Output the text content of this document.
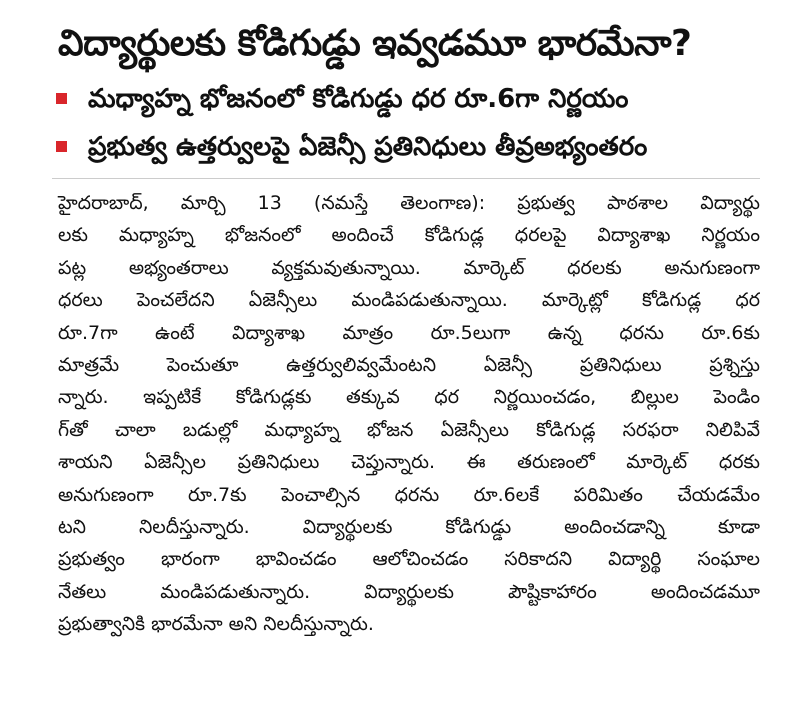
విద్యార్థులకు కోడిగుడ్డు ఇవ్వడమూ భారమేనా?
మధ్యాహ్న భోజనంలో కోడిగుడ్డు ధర రూ.6గా నిర్ణయం
ప్రభుత్వ ఉత్తర్వులపై ఏజెన్సీ ప్రతినిధులు తీవ్రఅభ్యంతరం
హైదరాబాద్, మార్చి 13 (నమస్తే తెలంగాణ): ప్రభుత్వ పాఠశాల విద్యార్థు
లకు మధ్యాహ్న భోజనంలో అందించే కోడిగుడ్ల ధరలపై విద్యాశాఖ నిర్ణయం
పట్ల అభ్యంతరాలు వ్యక్తమవుతున్నాయి. మార్కెట్ ధరలకు అనుగుణంగా
ధరలు పెంచలేదని ఏజెన్సీలు మండిపడుతున్నాయి. మార్కెట్లో కోడిగుడ్ల ధర
రూ.7గా ఉంటే విద్యాశాఖ మాత్రం రూ.5లుగా ఉన్న ధరను రూ.6కు
మాత్రమే పెంచుతూ ఉత్తర్వులివ్వమేంటని ఏజెన్సీ ప్రతినిధులు ప్రశ్నిస్తు
న్నారు. ఇప్పటికే కోడిగుడ్లకు తక్కువ ధర నిర్ణయించడం, బిల్లుల పెండిం
గ్‌తో చాలా బడుల్లో మధ్యాహ్న భోజన ఏజెన్సీలు కోడిగుడ్ల సరఫరా నిలిపివే
శాయని ఏజెన్సీల ప్రతినిధులు చెప్తున్నారు. ఈ తరుణంలో మార్కెట్ ధరకు
అనుగుణంగా రూ.7కు పెంచాల్సిన ధరను రూ.6లకే పరిమితం చేయడమేం
టని నిలదీస్తున్నారు. విద్యార్థులకు కోడిగుడ్డు అందించడాన్ని కూడా
ప్రభుత్వం భారంగా భావించడం ఆలోచించడం సరికాదని విద్యార్థి సంఘాల
నేతలు మండిపడుతున్నారు. విద్యార్థులకు పౌష్టికాహారం అందించడమూ
ప్రభుత్వానికి భారమేనా అని నిలదీస్తున్నారు.
